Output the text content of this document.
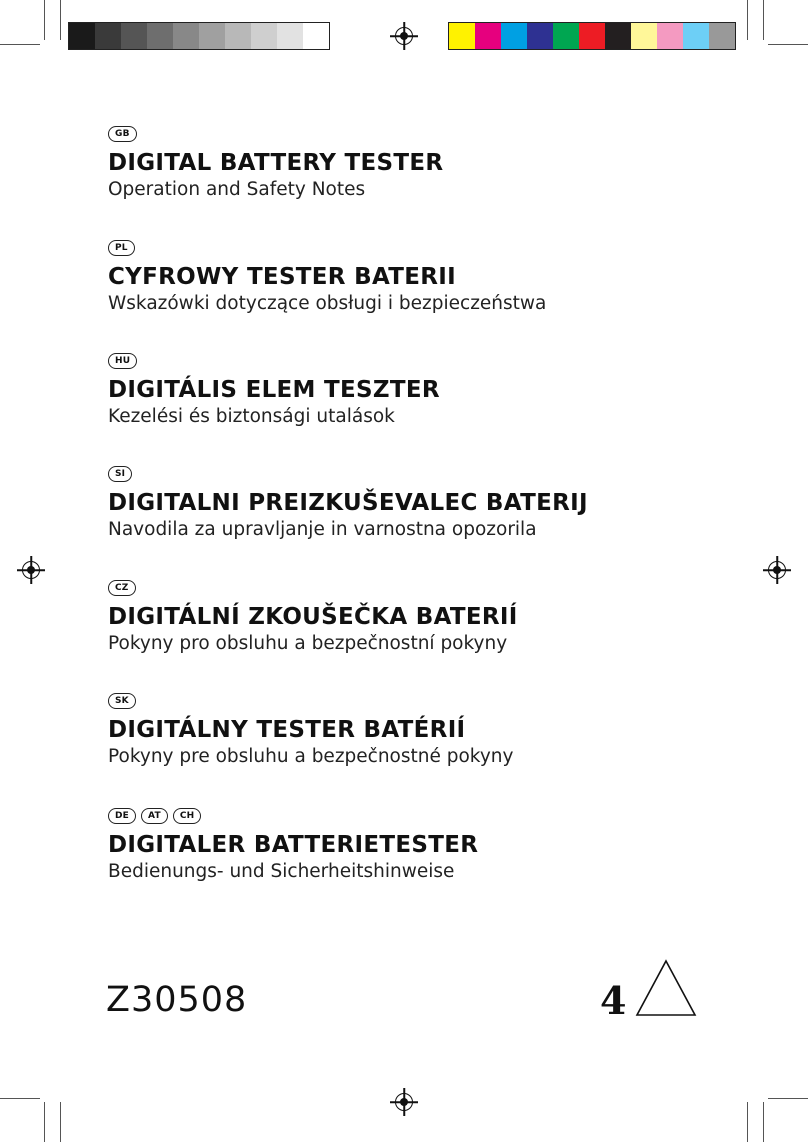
GB

DIGITAL BATTERY TESTER

Operation and Safety Notes

PL

CYFROWY TESTER BATERII

Wskazówki dotyczące obsługi i bezpieczeństwa

HU

DIGITÁLIS ELEM TESZTER

Kezelési és biztonsági utalások

SI

DIGITALNI PREIZKUŠEVALEC BATERIJ

Navodila za upravljanje in varnostna opozorila

CZ

DIGITÁLNÍ ZKOUŠEČKA BATERIÍ

Pokyny pro obsluhu a bezpečnostní pokyny

SK

DIGITÁLNY TESTER BATÉRIÍ

Pokyny pre obsluhu a bezpečnostné pokyny

DE	AT	CH

DIGITALER BATTERIETESTER

Bedienungs- und Sicherheitshinweise

Z30508	4
